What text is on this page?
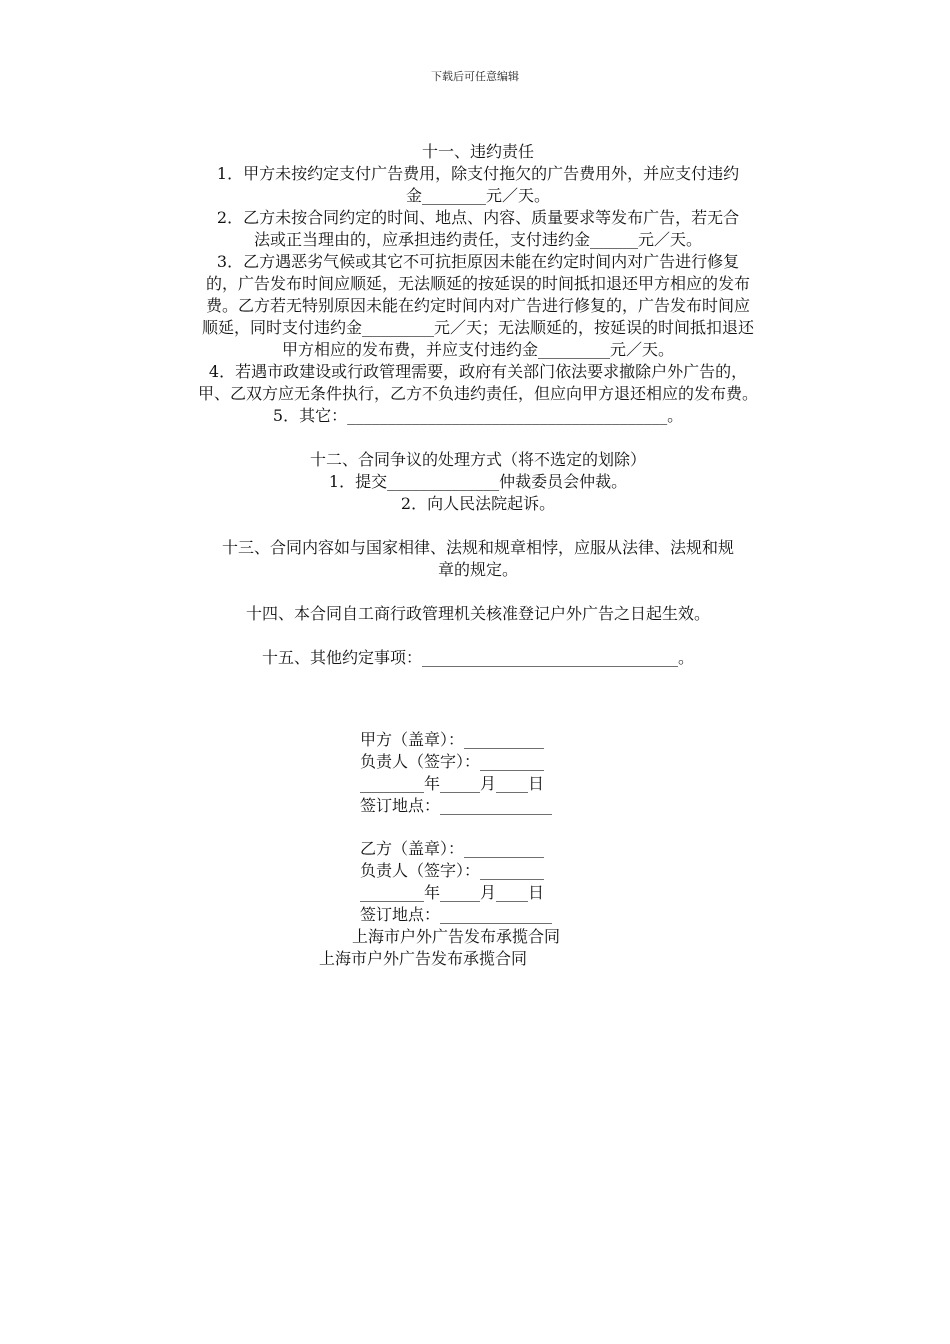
下载后可任意编辑

十一、违约责任

1．甲方未按约定支付广告费用，除支付拖欠的广告费用外，并应支付违约

金________元／天。

2．乙方未按合同约定的时间、地点、内容、质量要求等发布广告，若无合

法或正当理由的，应承担违约责任，支付违约金______元／天。

3．乙方遇恶劣气候或其它不可抗拒原因未能在约定时间内对广告进行修复

的，广告发布时间应顺延，无法顺延的按延误的时间抵扣退还甲方相应的发布

费。乙方若无特别原因未能在约定时间内对广告进行修复的，广告发布时间应

顺延，同时支付违约金_________元／天；无法顺延的，按延误的时间抵扣退还

甲方相应的发布费，并应支付违约金_________元／天。

4．若遇市政建设或行政管理需要，政府有关部门依法要求撤除户外广告的，

甲、乙双方应无条件执行，乙方不负违约责任，但应向甲方退还相应的发布费。

5．其它：________________________________________。

十二、合同争议的处理方式（将不选定的划除）

1．提交______________仲裁委员会仲裁。

2．向人民法院起诉。

十三、合同内容如与国家相律、法规和规章相悖，应服从法律、法规和规

章的规定。

十四、本合同自工商行政管理机关核准登记户外广告之日起生效。

十五、其他约定事项：________________________________。

甲方（盖章）：__________

负责人（签字）：________

________年_____月____日

签订地点：______________

乙方（盖章）：__________

负责人（签字）：________

________年_____月____日

签订地点：______________

上海市户外广告发布承揽合同

上海市户外广告发布承揽合同
